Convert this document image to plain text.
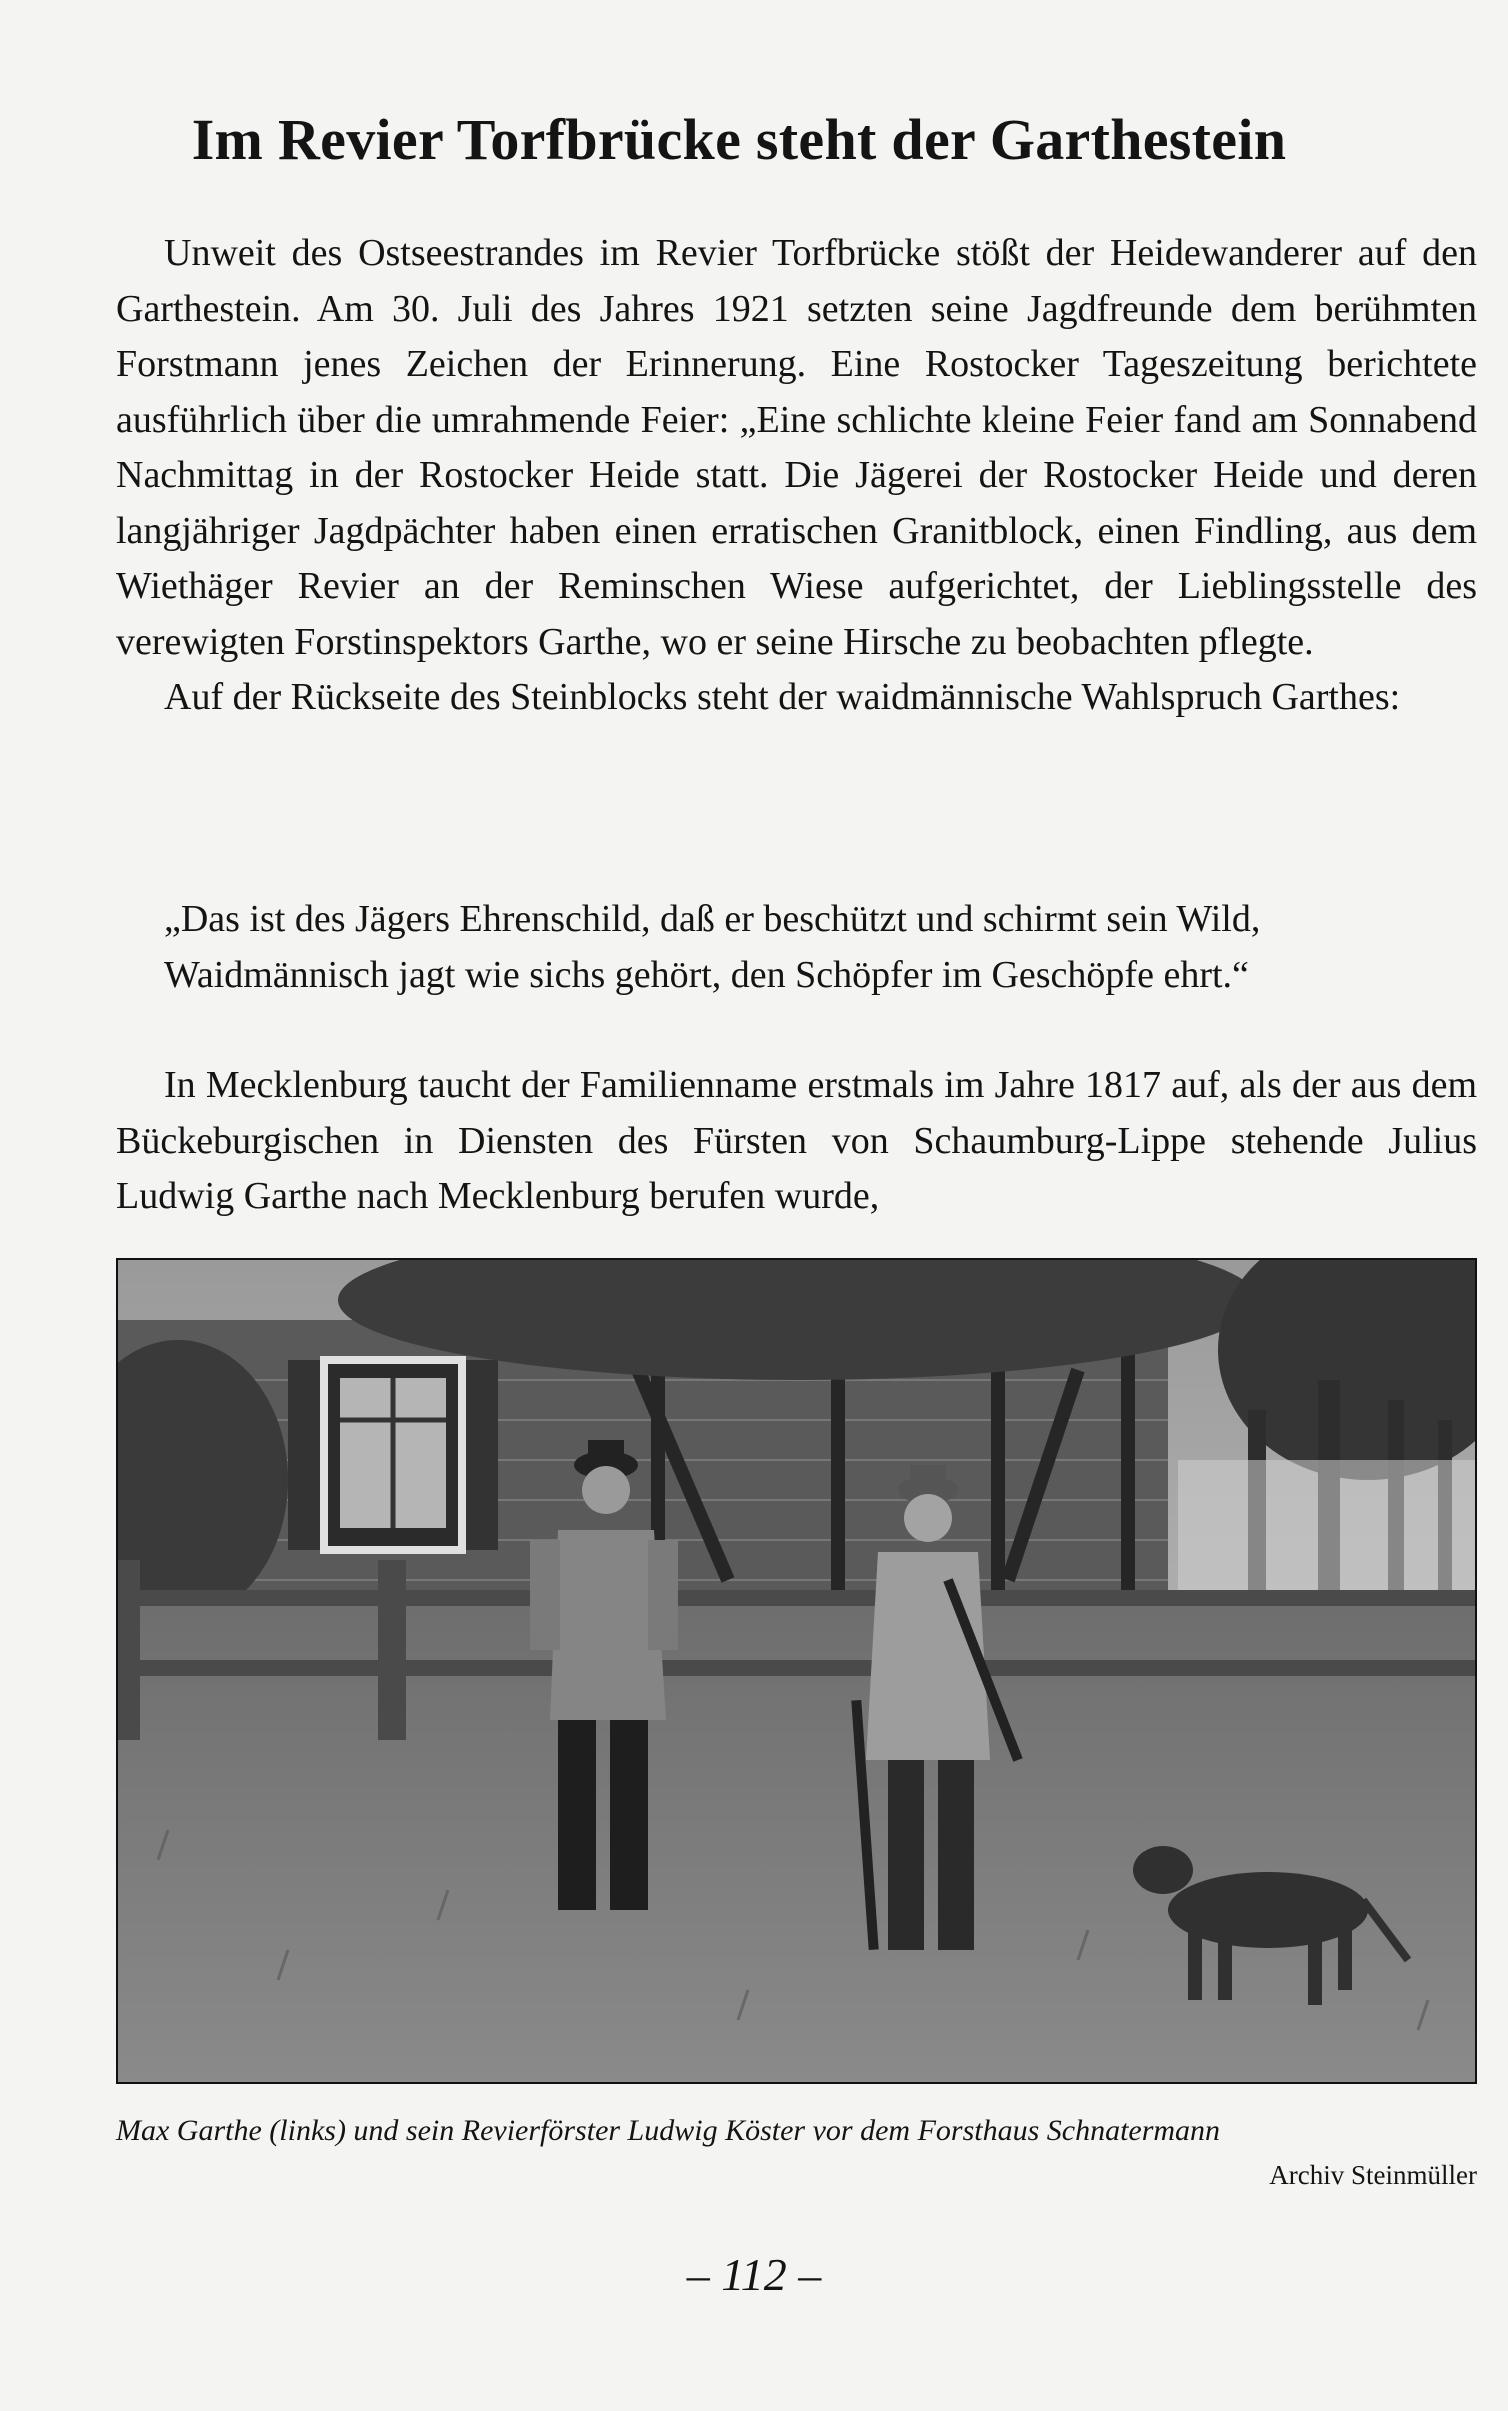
Im Revier Torfbrücke steht der Garthestein

Unweit des Ostseestrandes im Revier Torfbrücke stößt der Heidewanderer auf den Garthestein. Am 30. Juli des Jahres 1921 setzten seine Jagdfreunde dem berühmten Forstmann jenes Zeichen der Erinnerung. Eine Rostocker Tageszeitung berichtete ausführlich über die umrahmende Feier: „Eine schlichte kleine Feier fand am Sonnabend Nachmittag in der Rostocker Heide statt. Die Jägerei der Rostocker Heide und deren langjähriger Jagdpächter haben einen erratischen Granitblock, einen Findling, aus dem Wiethäger Revier an der Reminschen Wiese aufgerichtet, der Lieblingsstelle des verewigten Forstinspektors Garthe, wo er seine Hirsche zu beobachten pflegte.

Auf der Rückseite des Steinblocks steht der waidmännische Wahlspruch Garthes:

„Das ist des Jägers Ehrenschild, daß er beschützt und schirmt sein Wild,
Waidmännisch jagt wie sichs gehört, den Schöpfer im Geschöpfe ehrt.“

In Mecklenburg taucht der Familienname erstmals im Jahre 1817 auf, als der aus dem Bückeburgischen in Diensten des Fürsten von Schaumburg-Lippe stehende Julius Ludwig Garthe nach Mecklenburg berufen wurde,

Max Garthe (links) und sein Revierförster Ludwig Köster vor dem Forsthaus Schnatermann
Archiv Steinmüller
– 112 –
